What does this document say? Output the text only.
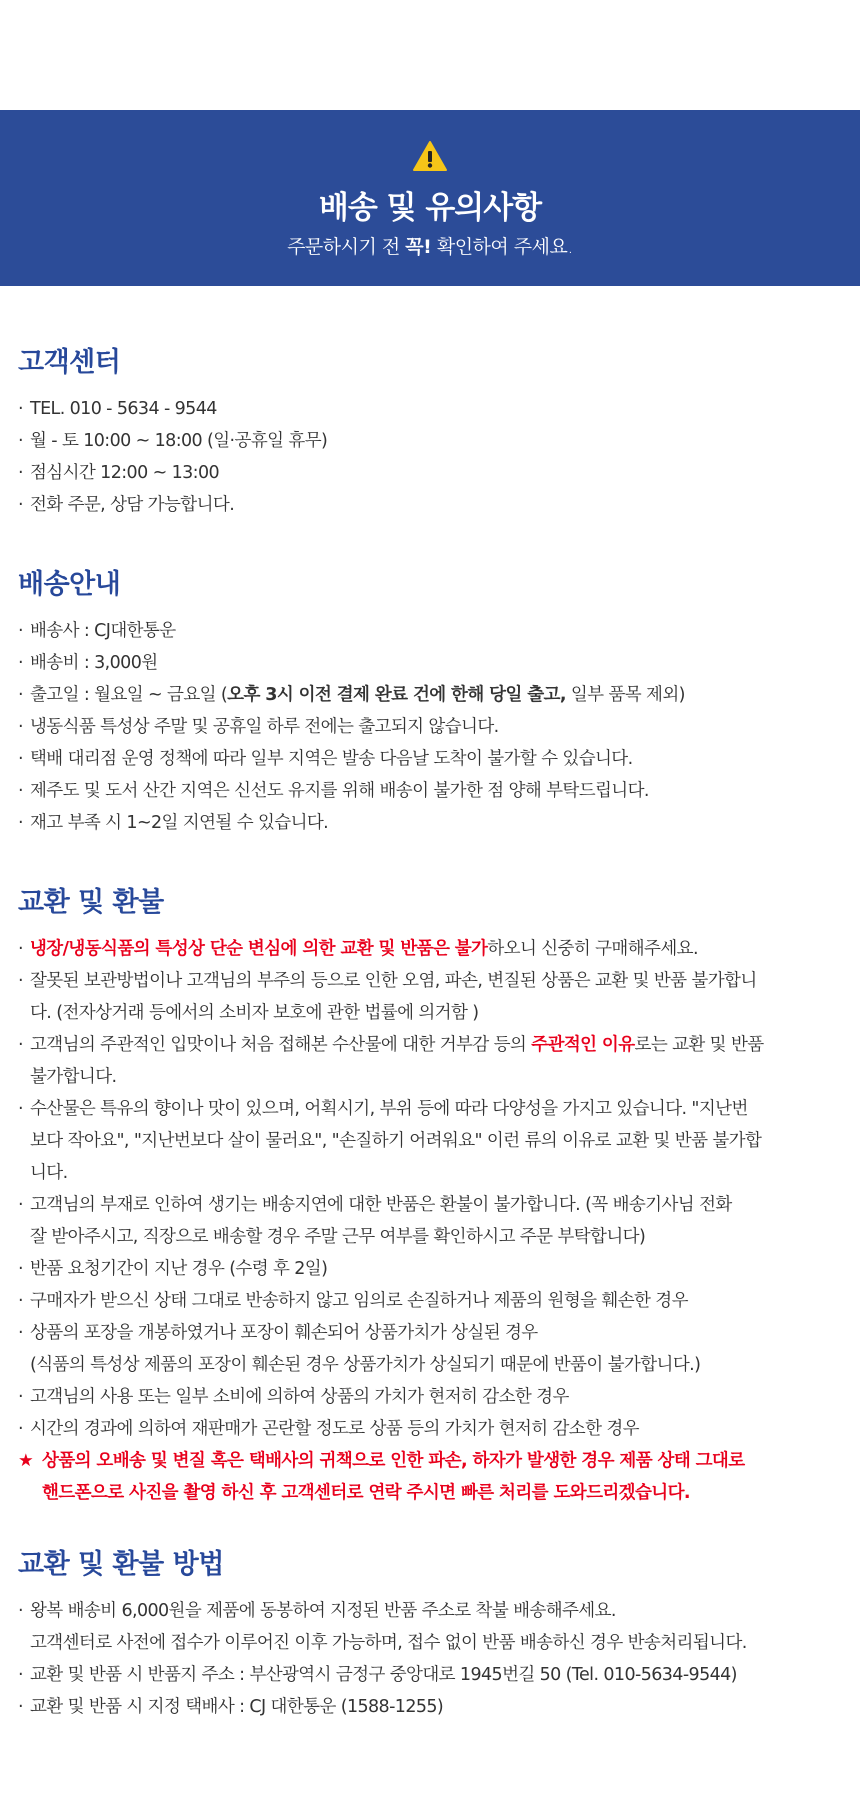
배송 및 유의사항
주문하시기 전 꼭! 확인하여 주세요.
고객센터
· TEL. 010 - 5634 - 9544
· 월 - 토 10:00 ~ 18:00 (일·공휴일 휴무)
· 점심시간 12:00 ~ 13:00
· 전화 주문, 상담 가능합니다.
배송안내
· 배송사 : CJ대한통운
· 배송비 : 3,000원
· 출고일 : 월요일 ~ 금요일 (오후 3시 이전 결제 완료 건에 한해 당일 출고, 일부 품목 제외)
· 냉동식품 특성상 주말 및 공휴일 하루 전에는 출고되지 않습니다.
· 택배 대리점 운영 정책에 따라 일부 지역은 발송 다음날 도착이 불가할 수 있습니다.
· 제주도 및 도서 산간 지역은 신선도 유지를 위해 배송이 불가한 점 양해 부탁드립니다.
· 재고 부족 시 1~2일 지연될 수 있습니다.
교환 및 환불
· 냉장/냉동식품의 특성상 단순 변심에 의한 교환 및 반품은 불가하오니 신중히 구매해주세요.
· 잘못된 보관방법이나 고객님의 부주의 등으로 인한 오염, 파손, 변질된 상품은 교환 및 반품 불가합니
다. (전자상거래 등에서의 소비자 보호에 관한 법률에 의거함 )
· 고객님의 주관적인 입맛이나 처음 접해본 수산물에 대한 거부감 등의 주관적인 이유로는 교환 및 반품
불가합니다.
· 수산물은 특유의 향이나 맛이 있으며, 어획시기, 부위 등에 따라 다양성을 가지고 있습니다. "지난번
보다 작아요", "지난번보다 살이 물러요", "손질하기 어려워요" 이런 류의 이유로 교환 및 반품 불가합
니다.
· 고객님의 부재로 인하여 생기는 배송지연에 대한 반품은 환불이 불가합니다. (꼭 배송기사님 전화
잘 받아주시고, 직장으로 배송할 경우 주말 근무 여부를 확인하시고 주문 부탁합니다)
· 반품 요청기간이 지난 경우 (수령 후 2일)
· 구매자가 받으신 상태 그대로 반송하지 않고 임의로 손질하거나 제품의 원형을 훼손한 경우
· 상품의 포장을 개봉하였거나 포장이 훼손되어 상품가치가 상실된 경우
(식품의 특성상 제품의 포장이 훼손된 경우 상품가치가 상실되기 때문에 반품이 불가합니다.)
· 고객님의 사용 또는 일부 소비에 의하여 상품의 가치가 현저히 감소한 경우
· 시간의 경과에 의하여 재판매가 곤란할 정도로 상품 등의 가치가 현저히 감소한 경우
★ 상품의 오배송 및 변질 혹은 택배사의 귀책으로 인한 파손, 하자가 발생한 경우 제품 상태 그대로
핸드폰으로 사진을 촬영 하신 후 고객센터로 연락 주시면 빠른 처리를 도와드리겠습니다.
교환 및 환불 방법
· 왕복 배송비 6,000원을 제품에 동봉하여 지정된 반품 주소로 착불 배송해주세요.
고객센터로 사전에 접수가 이루어진 이후 가능하며, 접수 없이 반품 배송하신 경우 반송처리됩니다.
· 교환 및 반품 시 반품지 주소 : 부산광역시 금정구 중앙대로 1945번길 50 (Tel. 010-5634-9544)
· 교환 및 반품 시 지정 택배사 : CJ 대한통운 (1588-1255)
